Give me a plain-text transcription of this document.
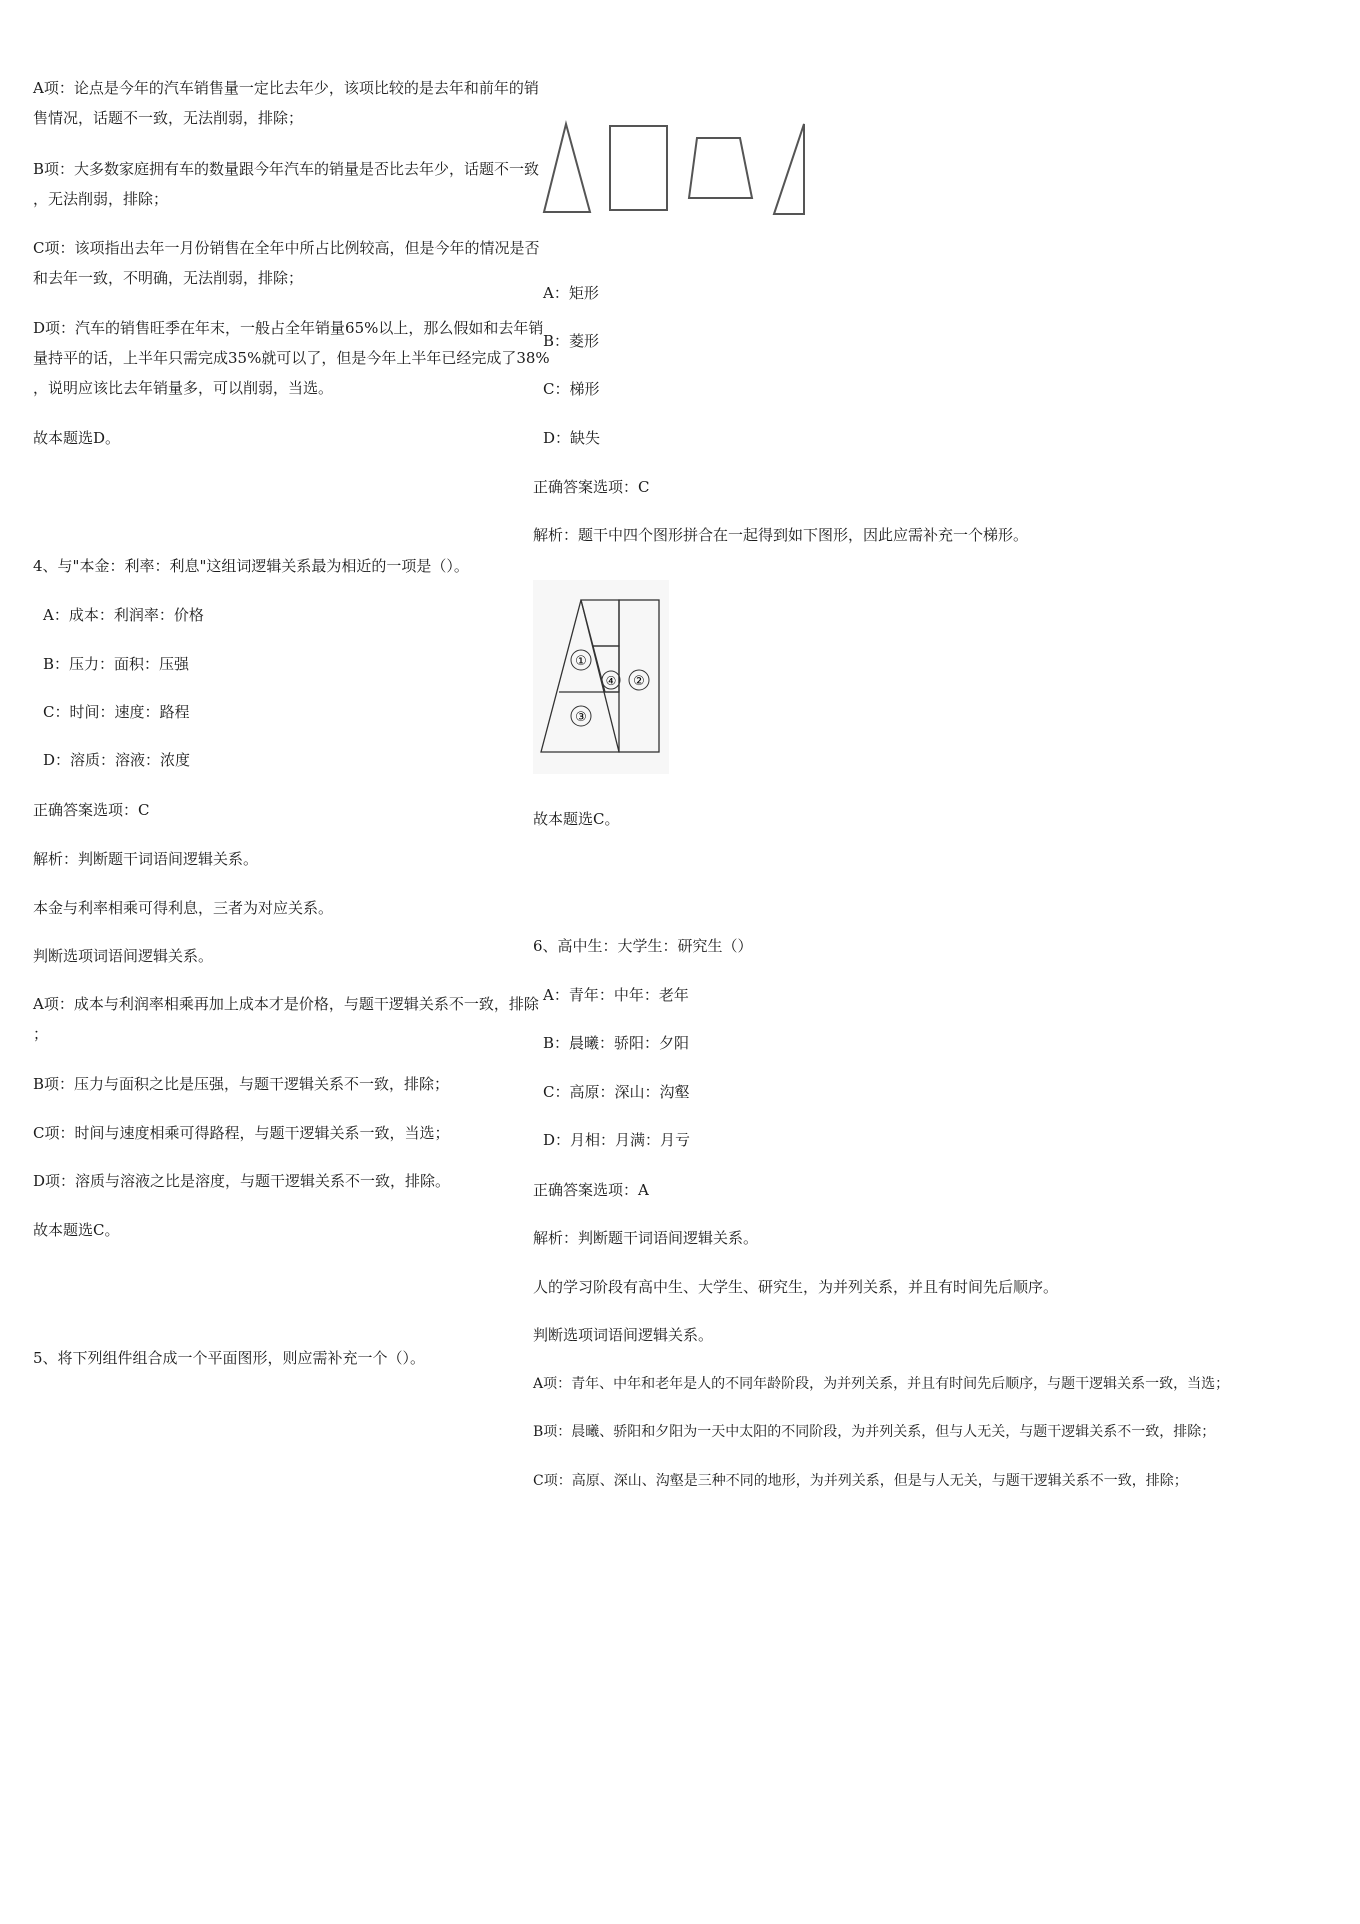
A项：论点是今年的汽车销售量一定比去年少，该项比较的是去年和前年的销

售情况，话题不一致，无法削弱，排除；

B项：大多数家庭拥有车的数量跟今年汽车的销量是否比去年少，话题不一致

，无法削弱，排除；

C项：该项指出去年一月份销售在全年中所占比例较高，但是今年的情况是否

和去年一致，不明确，无法削弱，排除；

D项：汽车的销售旺季在年末，一般占全年销量65%以上，那么假如和去年销

量持平的话，上半年只需完成35%就可以了，但是今年上半年已经完成了38%

，说明应该比去年销量多，可以削弱，当选。

故本题选D。

4、与"本金：利率：利息"这组词逻辑关系最为相近的一项是（）。

A：成本：利润率：价格

B：压力：面积：压强

C：时间：速度：路程

D：溶质：溶液：浓度

正确答案选项：C

解析：判断题干词语间逻辑关系。

本金与利率相乘可得利息，三者为对应关系。

判断选项词语间逻辑关系。

A项：成本与利润率相乘再加上成本才是价格，与题干逻辑关系不一致，排除

；

B项：压力与面积之比是压强，与题干逻辑关系不一致，排除；

C项：时间与速度相乘可得路程，与题干逻辑关系一致，当选；

D项：溶质与溶液之比是溶度，与题干逻辑关系不一致，排除。

故本题选C。

5、将下列组件组合成一个平面图形，则应需补充一个（）。

A：矩形

B：菱形

C：梯形

D：缺失

正确答案选项：C

解析：题干中四个图形拼合在一起得到如下图形，因此应需补充一个梯形。

①
④ ②
③

故本题选C。

6、高中生：大学生：研究生（）

A：青年：中年：老年

B：晨曦：骄阳：夕阳

C：高原：深山：沟壑

D：月相：月满：月亏

正确答案选项：A

解析：判断题干词语间逻辑关系。

人的学习阶段有高中生、大学生、研究生，为并列关系，并且有时间先后顺序。

判断选项词语间逻辑关系。

A项：青年、中年和老年是人的不同年龄阶段，为并列关系，并且有时间先后顺序，与题干逻辑关系一致，当选；

B项：晨曦、骄阳和夕阳为一天中太阳的不同阶段，为并列关系，但与人无关，与题干逻辑关系不一致，排除；

C项：高原、深山、沟壑是三种不同的地形，为并列关系，但是与人无关，与题干逻辑关系不一致，排除；
